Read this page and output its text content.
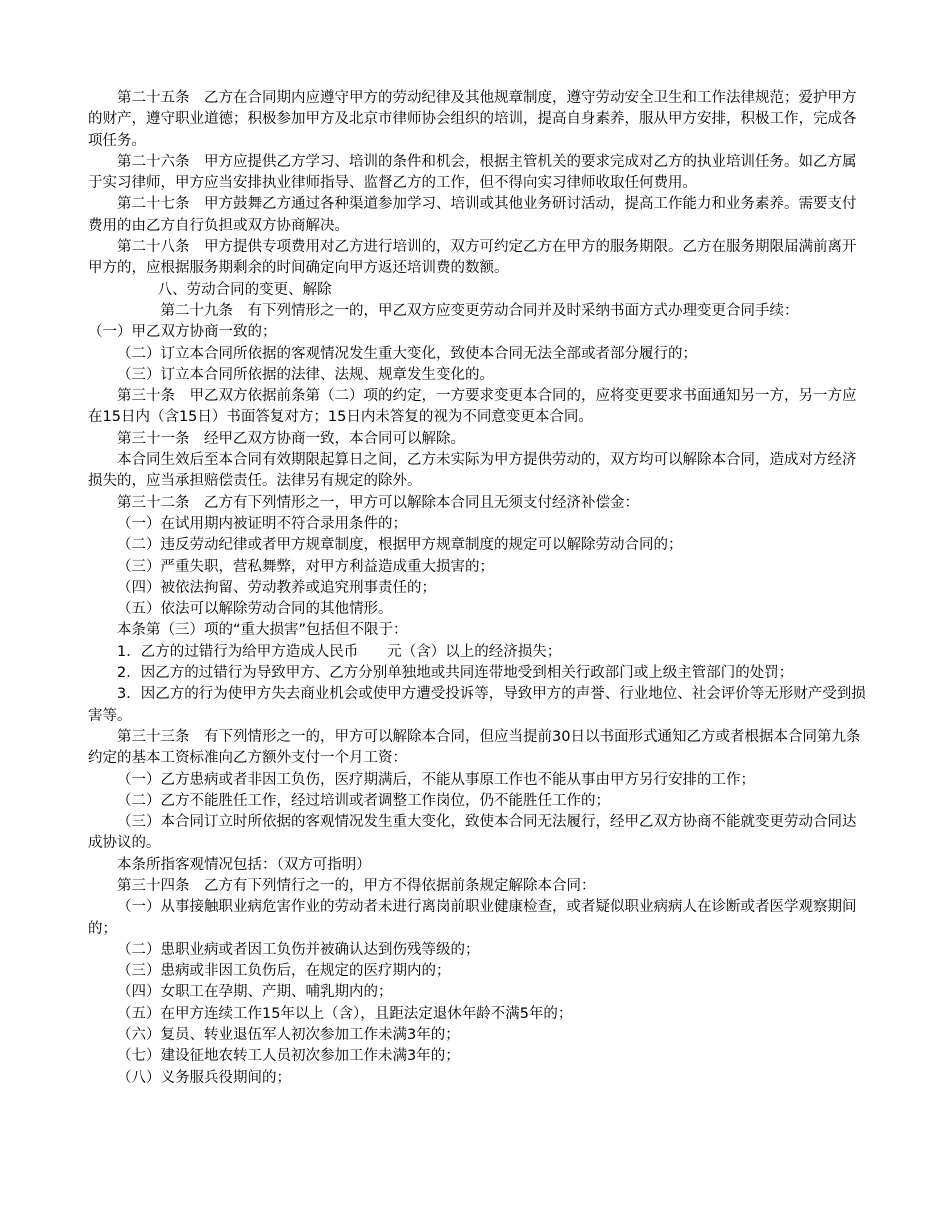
第二十五条　乙方在合同期内应遵守甲方的劳动纪律及其他规章制度，遵守劳动安全卫生和工作法律规范；爱护甲方的财产，遵守职业道德；积极参加甲方及北京市律师协会组织的培训，提高自身素养，服从甲方安排，积极工作，完成各项任务。

第二十六条　甲方应提供乙方学习、培训的条件和机会，根据主管机关的要求完成对乙方的执业培训任务。如乙方属于实习律师，甲方应当安排执业律师指导、监督乙方的工作，但不得向实习律师收取任何费用。

第二十七条　甲方鼓舞乙方通过各种渠道参加学习、培训或其他业务研讨活动，提高工作能力和业务素养。需要支付费用的由乙方自行负担或双方协商解决。

第二十八条　甲方提供专项费用对乙方进行培训的，双方可约定乙方在甲方的服务期限。乙方在服务期限届满前离开甲方的，应根据服务期剩余的时间确定向甲方返还培训费的数额。

八、劳动合同的变更、解除

第二十九条　有下列情形之一的，甲乙双方应变更劳动合同并及时采纳书面方式办理变更合同手续：

（一）甲乙双方协商一致的；

（二）订立本合同所依据的客观情况发生重大变化，致使本合同无法全部或者部分履行的；

（三）订立本合同所依据的法律、法规、规章发生变化的。

第三十条　甲乙双方依据前条第（二）项的约定，一方要求变更本合同的，应将变更要求书面通知另一方，另一方应在15日内（含15日）书面答复对方；15日内未答复的视为不同意变更本合同。

第三十一条　经甲乙双方协商一致，本合同可以解除。

本合同生效后至本合同有效期限起算日之间，乙方未实际为甲方提供劳动的，双方均可以解除本合同，造成对方经济损失的，应当承担赔偿责任。法律另有规定的除外。

第三十二条　乙方有下列情形之一，甲方可以解除本合同且无须支付经济补偿金：

（一）在试用期内被证明不符合录用条件的；

（二）违反劳动纪律或者甲方规章制度，根据甲方规章制度的规定可以解除劳动合同的；

（三）严重失职，营私舞弊，对甲方利益造成重大损害的；

（四）被依法拘留、劳动教养或追究刑事责任的；

（五）依法可以解除劳动合同的其他情形。

本条第（三）项的“重大损害”包括但不限于：

1．乙方的过错行为给甲方造成人民币　　元（含）以上的经济损失；

2．因乙方的过错行为导致甲方、乙方分别单独地或共同连带地受到相关行政部门或上级主管部门的处罚；

3．因乙方的行为使甲方失去商业机会或使甲方遭受投诉等，导致甲方的声誉、行业地位、社会评价等无形财产受到损害等。

第三十三条　有下列情形之一的，甲方可以解除本合同，但应当提前30日以书面形式通知乙方或者根据本合同第九条约定的基本工资标准向乙方额外支付一个月工资：

（一）乙方患病或者非因工负伤，医疗期满后，不能从事原工作也不能从事由甲方另行安排的工作；

（二）乙方不能胜任工作，经过培训或者调整工作岗位，仍不能胜任工作的；

（三）本合同订立时所依据的客观情况发生重大变化，致使本合同无法履行，经甲乙双方协商不能就变更劳动合同达成协议的。

本条所指客观情况包括：（双方可指明）

第三十四条　乙方有下列情行之一的，甲方不得依据前条规定解除本合同：

（一）从事接触职业病危害作业的劳动者未进行离岗前职业健康检查，或者疑似职业病病人在诊断或者医学观察期间的；

（二）患职业病或者因工负伤并被确认达到伤残等级的；

（三）患病或非因工负伤后，在规定的医疗期内的；

（四）女职工在孕期、产期、哺乳期内的；

（五）在甲方连续工作15年以上（含），且距法定退休年龄不满5年的；

（六）复员、转业退伍军人初次参加工作未满3年的；

（七）建设征地农转工人员初次参加工作未满3年的；

（八）义务服兵役期间的；
